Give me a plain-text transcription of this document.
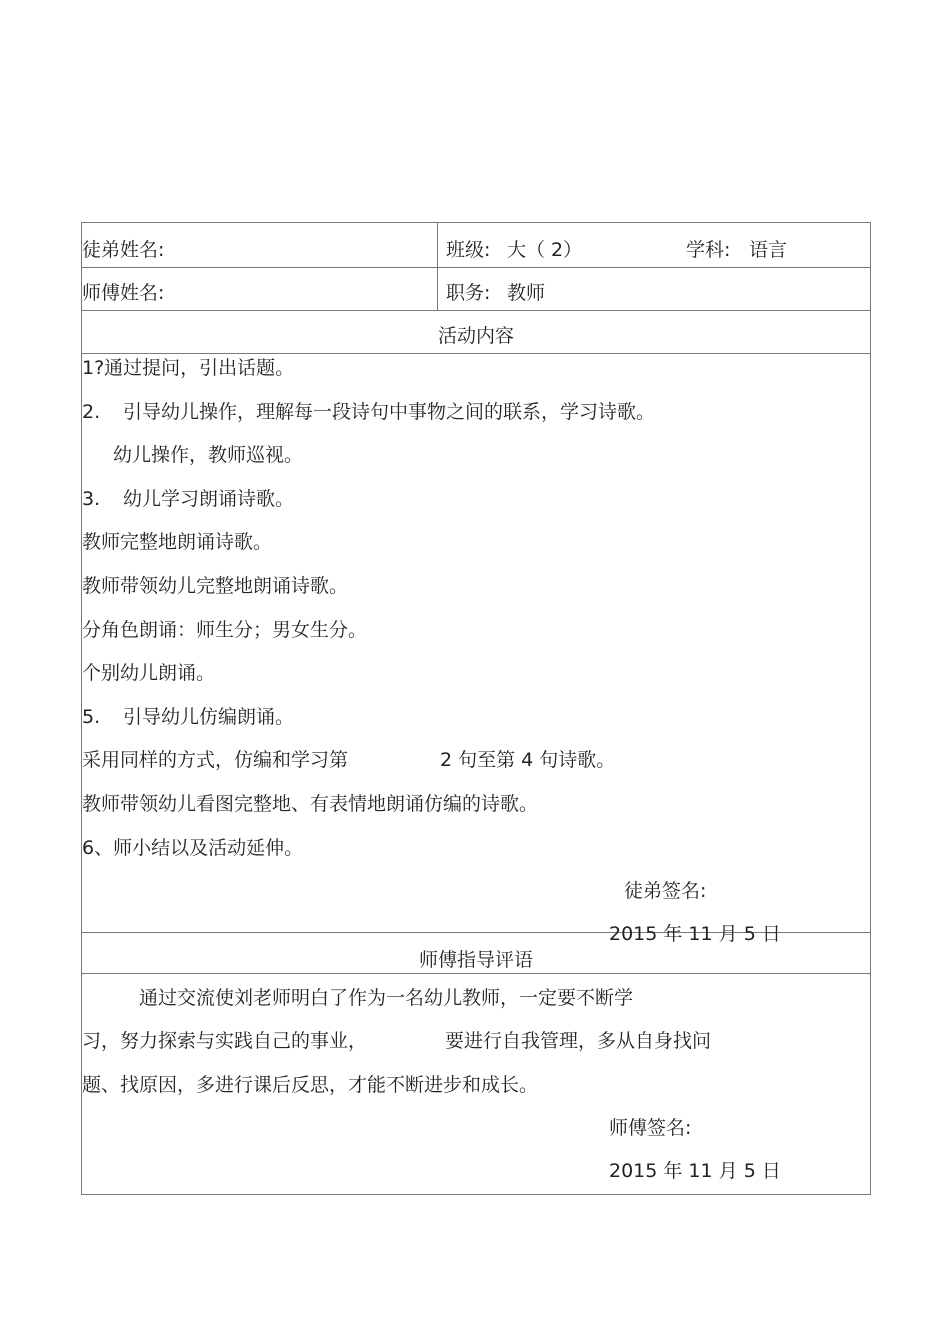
徒弟姓名:	班级: 大（ 2）	学科: 语言
师傅姓名:	职务: 教师
活动内容
1?通过提问，引出话题。
2. 引导幼儿操作，理解每一段诗句中事物之间的联系，学习诗歌。
幼儿操作，教师巡视。
3. 幼儿学习朗诵诗歌。
教师完整地朗诵诗歌。
教师带领幼儿完整地朗诵诗歌。
分角色朗诵：师生分；男女生分。
个别幼儿朗诵。
5. 引导幼儿仿编朗诵。
采用同样的方式，仿编和学习第	2 句至第 4 句诗歌。
教师带领幼儿看图完整地、有表情地朗诵仿编的诗歌。
6、师小结以及活动延伸。
徒弟签名:
2015 年 11 月 5 日
师傅指导评语
通过交流使刘老师明白了作为一名幼儿教师，一定要不断学
习，努力探索与实践自己的事业，	要进行自我管理，多从自身找问
题、找原因，多进行课后反思，才能不断进步和成长。
师傅签名:
2015 年 11 月 5 日
